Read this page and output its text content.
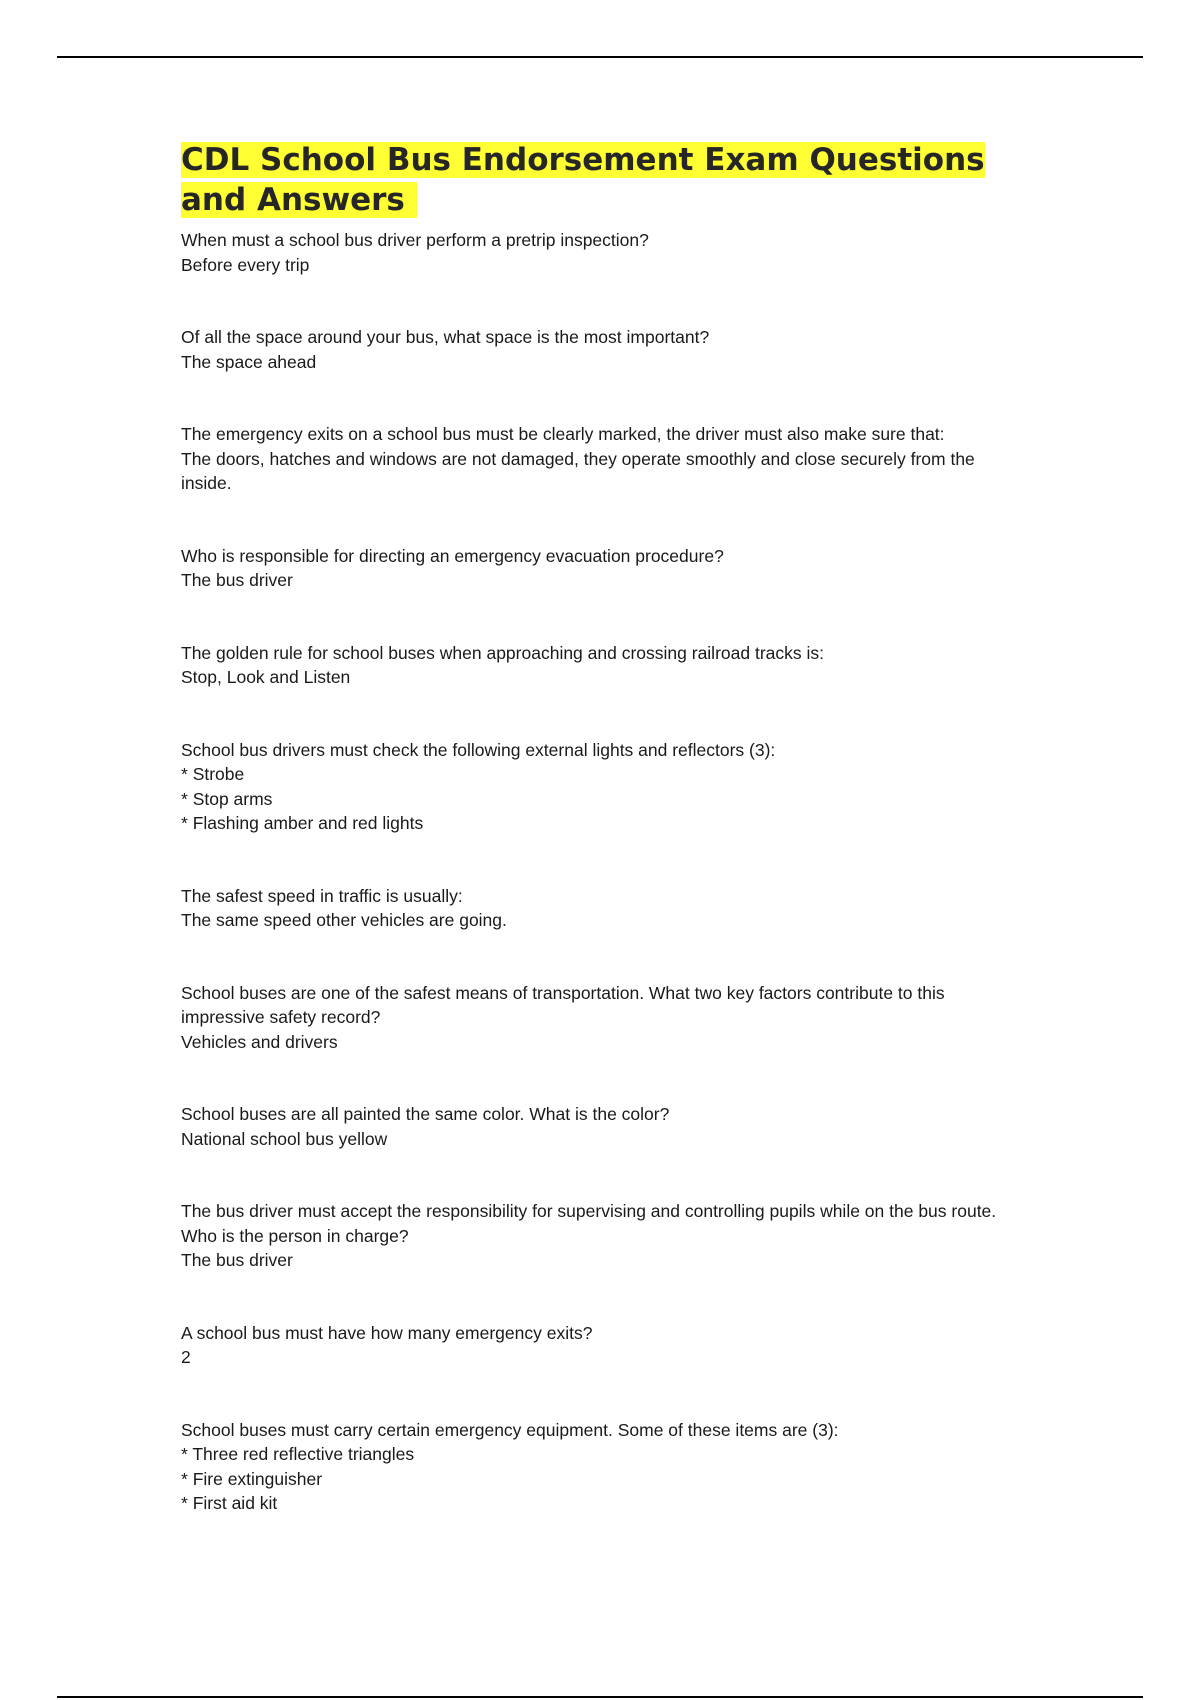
CDL School Bus Endorsement Exam Questions and Answers

When must a school bus driver perform a pretrip inspection?

Before every trip

Of all the space around your bus, what space is the most important?

The space ahead

The emergency exits on a school bus must be clearly marked, the driver must also make sure that:

The doors, hatches and windows are not damaged, they operate smoothly and close securely from the inside.

Who is responsible for directing an emergency evacuation procedure?

The bus driver

The golden rule for school buses when approaching and crossing railroad tracks is:

Stop, Look and Listen

School bus drivers must check the following external lights and reflectors (3):

* Strobe
* Stop arms
* Flashing amber and red lights

The safest speed in traffic is usually:

The same speed other vehicles are going.

School buses are one of the safest means of transportation. What two key factors contribute to this impressive safety record?

Vehicles and drivers

School buses are all painted the same color. What is the color?

National school bus yellow

The bus driver must accept the responsibility for supervising and controlling pupils while on the bus route. Who is the person in charge?

The bus driver

A school bus must have how many emergency exits?

2

School buses must carry certain emergency equipment. Some of these items are (3):

* Three red reflective triangles
* Fire extinguisher
* First aid kit
